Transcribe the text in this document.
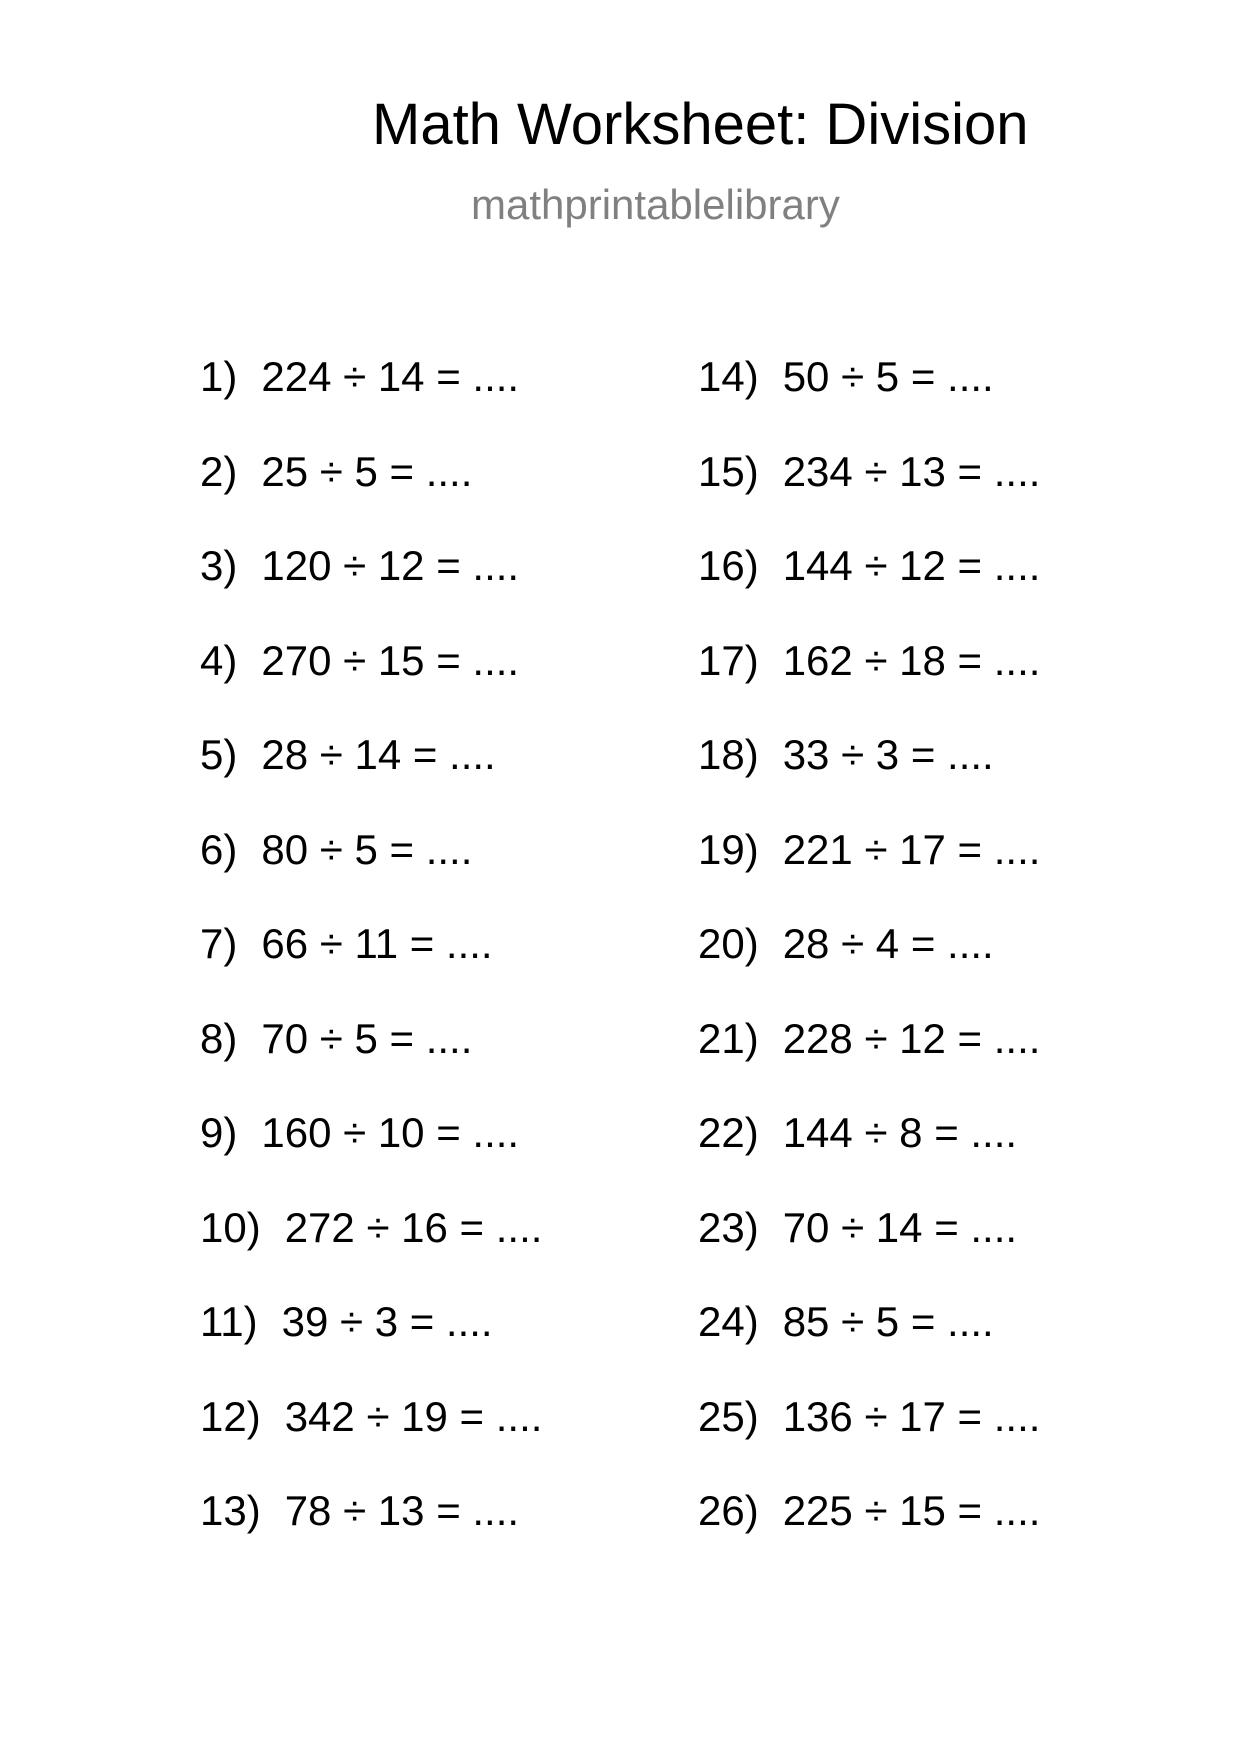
Math Worksheet: Division
mathprintablelibrary
1) 224 ÷ 14 = ....
2) 25 ÷ 5 = ....
3) 120 ÷ 12 = ....
4) 270 ÷ 15 = ....
5) 28 ÷ 14 = ....
6) 80 ÷ 5 = ....
7) 66 ÷ 11 = ....
8) 70 ÷ 5 = ....
9) 160 ÷ 10 = ....
10) 272 ÷ 16 = ....
11) 39 ÷ 3 = ....
12) 342 ÷ 19 = ....
13) 78 ÷ 13 = ....
14) 50 ÷ 5 = ....
15) 234 ÷ 13 = ....
16) 144 ÷ 12 = ....
17) 162 ÷ 18 = ....
18) 33 ÷ 3 = ....
19) 221 ÷ 17 = ....
20) 28 ÷ 4 = ....
21) 228 ÷ 12 = ....
22) 144 ÷ 8 = ....
23) 70 ÷ 14 = ....
24) 85 ÷ 5 = ....
25) 136 ÷ 17 = ....
26) 225 ÷ 15 = ....
